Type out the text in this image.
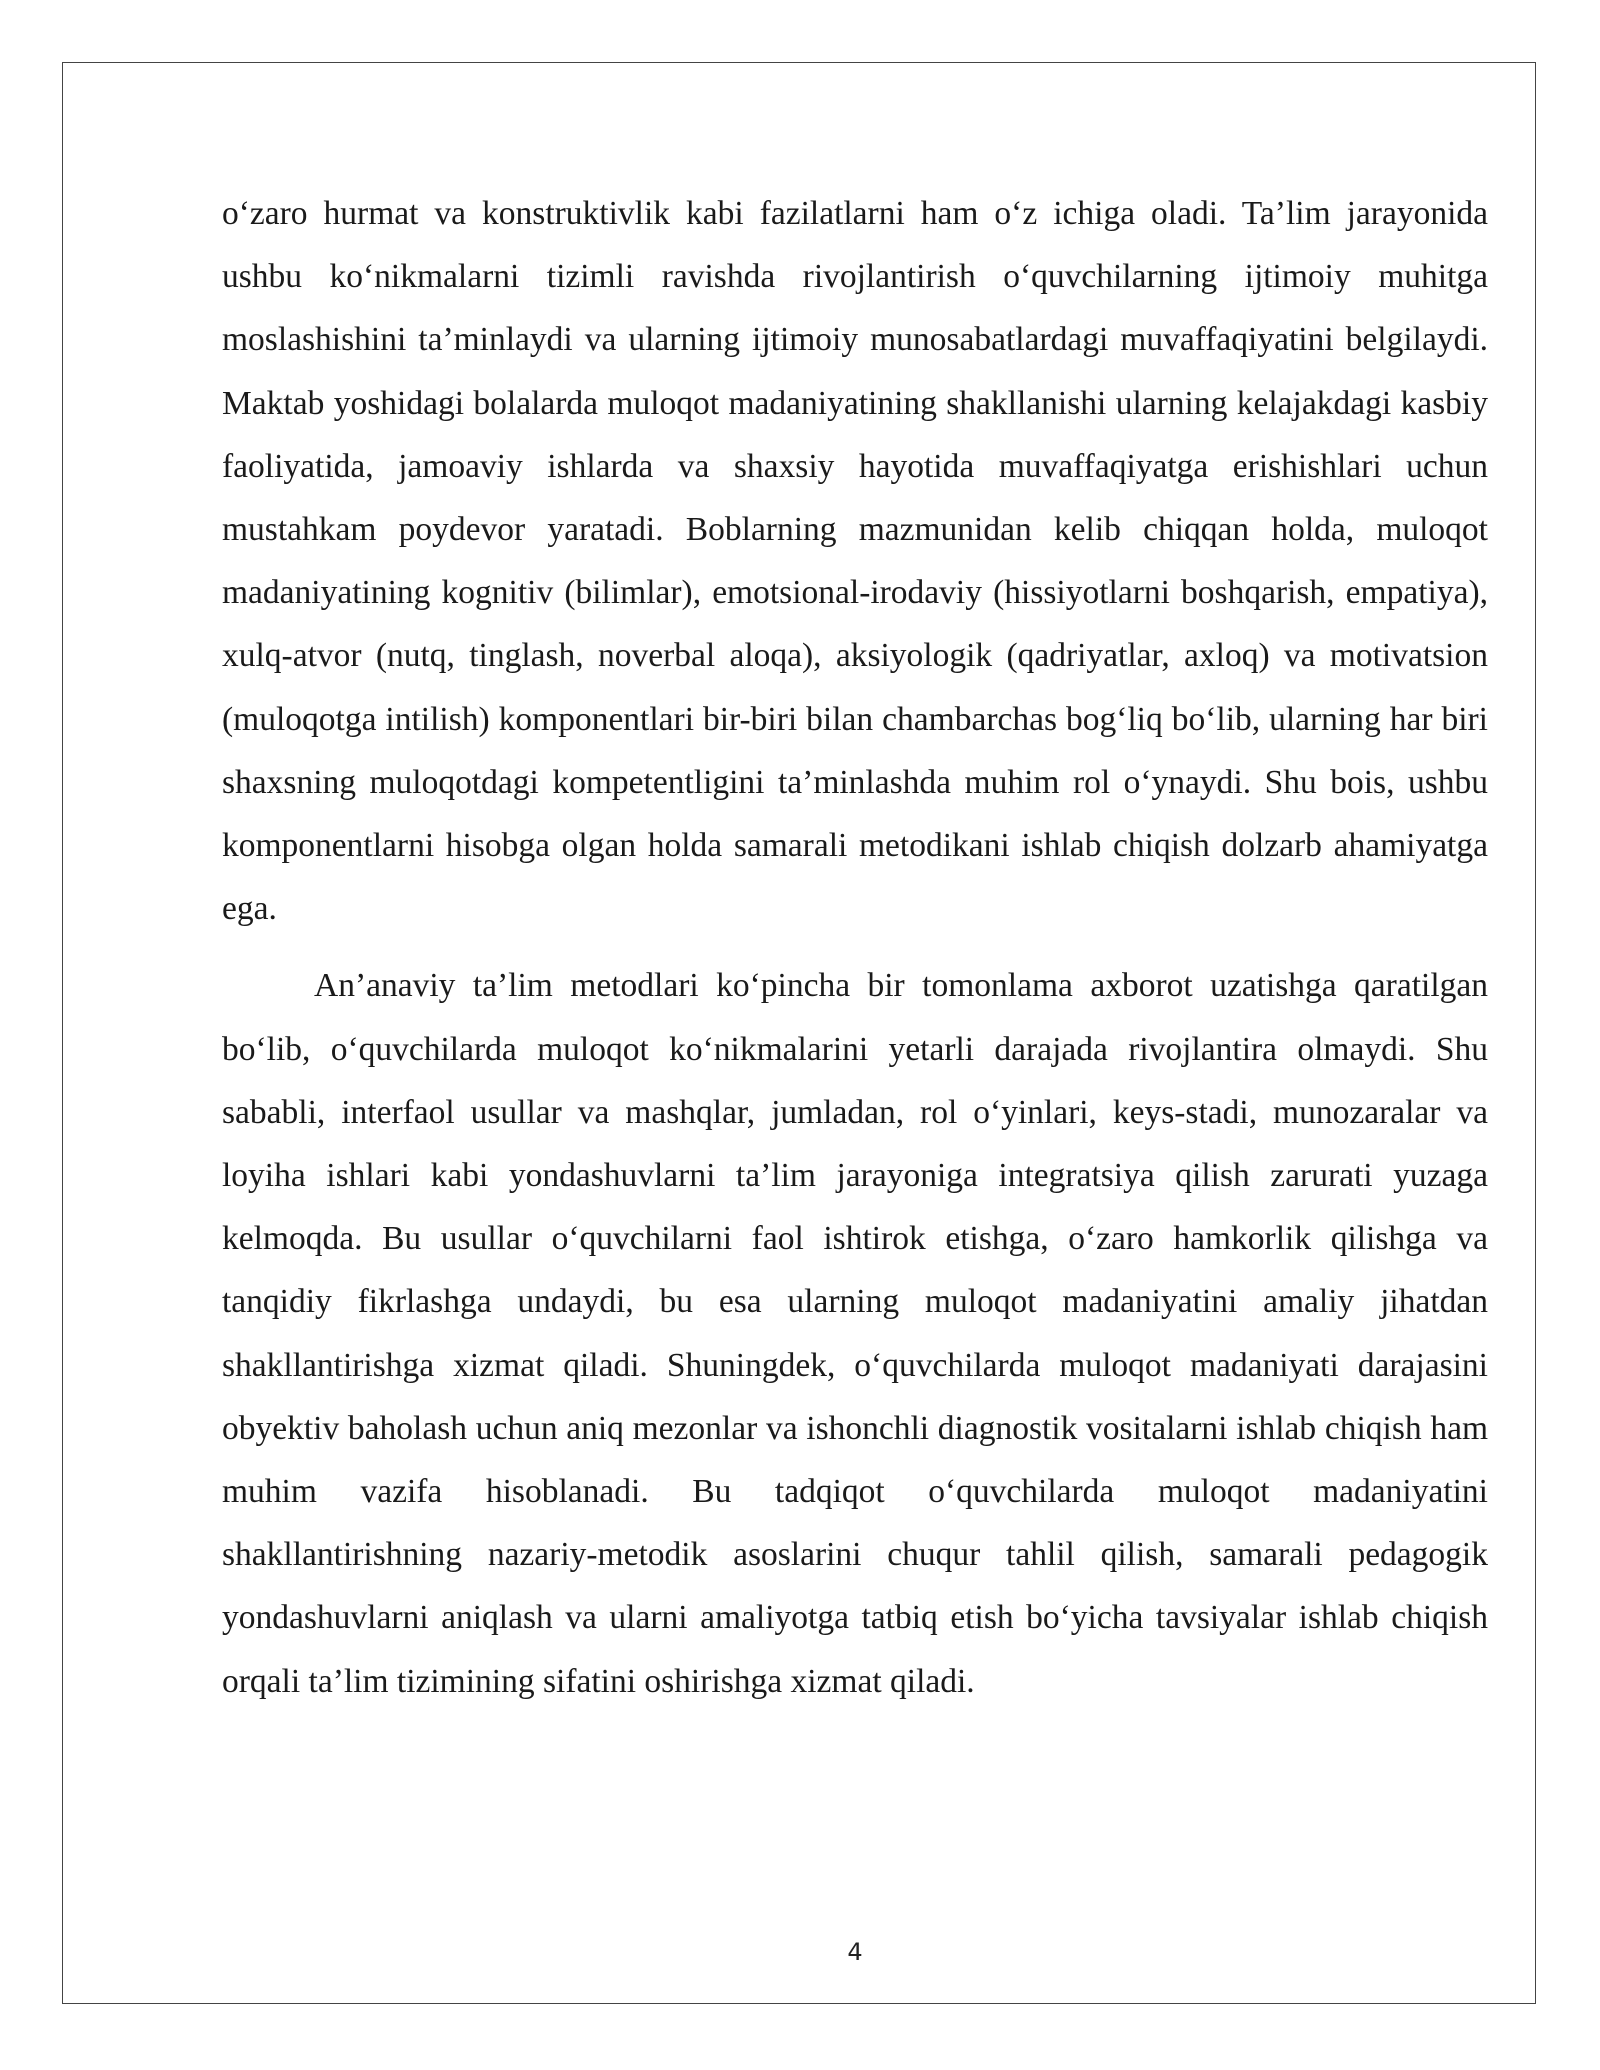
o‘zaro hurmat va konstruktivlik kabi fazilatlarni ham o‘z ichiga oladi. Ta’lim jarayonida ushbu ko‘nikmalarni tizimli ravishda rivojlantirish o‘quvchilarning ijtimoiy muhitga moslashishini ta’minlaydi va ularning ijtimoiy munosabatlardagi muvaffaqiyatini belgilaydi. Maktab yoshidagi bolalarda muloqot madaniyatining shakllanishi ularning kelajakdagi kasbiy faoliyatida, jamoaviy ishlarda va shaxsiy hayotida muvaffaqiyatga erishishlari uchun mustahkam poydevor yaratadi. Boblarning mazmunidan kelib chiqqan holda, muloqot madaniyatining kognitiv (bilimlar), emotsional-irodaviy (hissiyotlarni boshqarish, empatiya), xulq-atvor (nutq, tinglash, noverbal aloqa), aksiyologik (qadriyatlar, axloq) va motivatsion (muloqotga intilish) komponentlari bir-biri bilan chambarchas bog‘liq bo‘lib, ularning har biri shaxsning muloqotdagi kompetentligini ta’minlashda muhim rol o‘ynaydi. Shu bois, ushbu komponentlarni hisobga olgan holda samarali metodikani ishlab chiqish dolzarb ahamiyatga ega.

An’anaviy ta’lim metodlari ko‘pincha bir tomonlama axborot uzatishga qaratilgan bo‘lib, o‘quvchilarda muloqot ko‘nikmalarini yetarli darajada rivojlantira olmaydi. Shu sababli, interfaol usullar va mashqlar, jumladan, rol o‘yinlari, keys-stadi, munozaralar va loyiha ishlari kabi yondashuvlarni ta’lim jarayoniga integratsiya qilish zarurati yuzaga kelmoqda. Bu usullar o‘quvchilarni faol ishtirok etishga, o‘zaro hamkorlik qilishga va tanqidiy fikrlashga undaydi, bu esa ularning muloqot madaniyatini amaliy jihatdan shakllantirishga xizmat qiladi. Shuningdek, o‘quvchilarda muloqot madaniyati darajasini obyektiv baholash uchun aniq mezonlar va ishonchli diagnostik vositalarni ishlab chiqish ham muhim vazifa hisoblanadi. Bu tadqiqot o‘quvchilarda muloqot madaniyatini shakllantirishning nazariy-metodik asoslarini chuqur tahlil qilish, samarali pedagogik yondashuvlarni aniqlash va ularni amaliyotga tatbiq etish bo‘yicha tavsiyalar ishlab chiqish orqali ta’lim tizimining sifatini oshirishga xizmat qiladi.

4
